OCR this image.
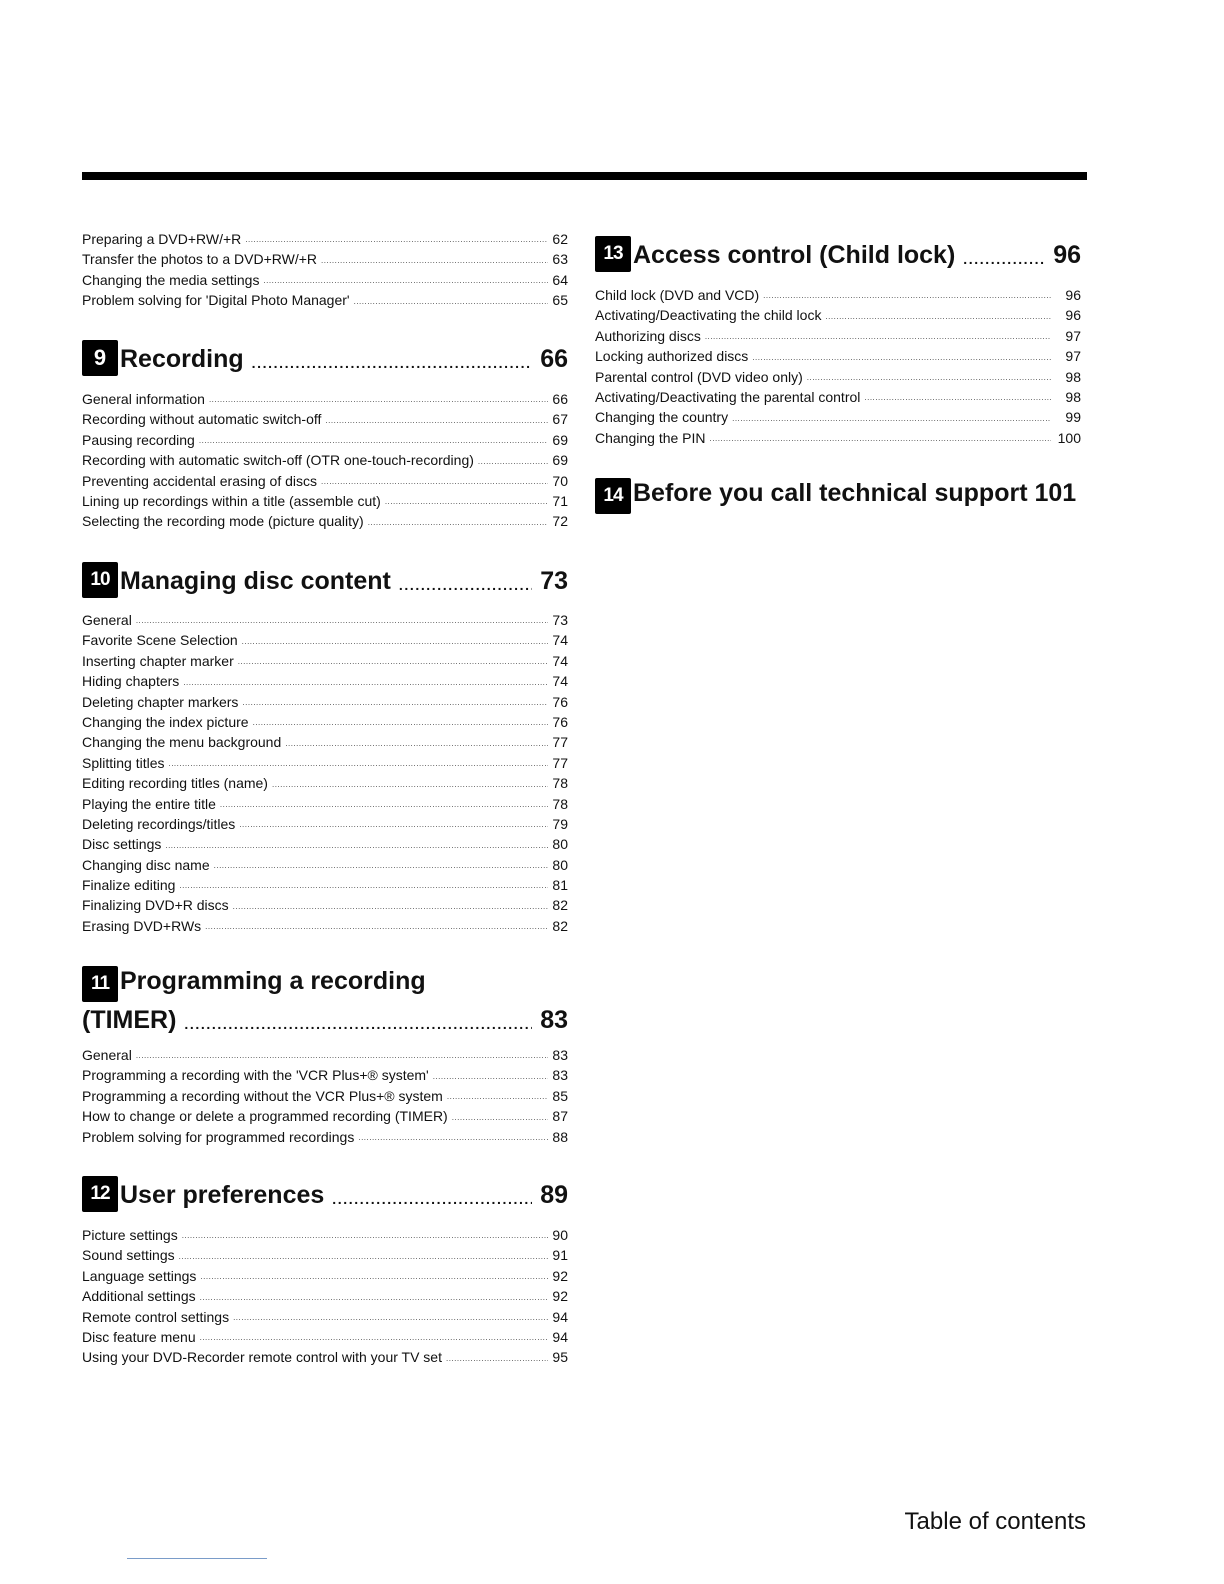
Preparing a DVD+RW/+R .....	62
Transfer the photos to a DVD+RW/+R .....	63
Changing the media settings .....	64
Problem solving for 'Digital Photo Manager' .....	65
9 Recording .....	66
General information .....	66
Recording without automatic switch-off .....	67
Pausing recording .....	69
Recording with automatic switch-off (OTR one-touch-recording) .....	69
Preventing accidental erasing of discs .....	70
Lining up recordings within a title (assemble cut) .....	71
Selecting the recording mode (picture quality) .....	72
10 Managing disc content .....	73
General .....	73
Favorite Scene Selection .....	74
Inserting chapter marker .....	74
Hiding chapters .....	74
Deleting chapter markers .....	76
Changing the index picture .....	76
Changing the menu background .....	77
Splitting titles .....	77
Editing recording titles (name) .....	78
Playing the entire title .....	78
Deleting recordings/titles .....	79
Disc settings .....	80
Changing disc name .....	80
Finalize editing .....	81
Finalizing DVD+R discs .....	82
Erasing DVD+RWs .....	82
11 Programming a recording
(TIMER) .....	83
General .....	83
Programming a recording with the 'VCR Plus+® system' .....	83
Programming a recording without the VCR Plus+® system .....	85
How to change or delete a programmed recording (TIMER) .....	87
Problem solving for programmed recordings .....	88
12 User preferences .....	89
Picture settings .....	90
Sound settings .....	91
Language settings .....	92
Additional settings .....	92
Remote control settings .....	94
Disc feature menu .....	94
Using your DVD-Recorder remote control with your TV set .....	95
13 Access control (Child lock) .....	96
Child lock (DVD and VCD) .....	96
Activating/Deactivating the child lock .....	96
Authorizing discs .....	97
Locking authorized discs .....	97
Parental control (DVD video only) .....	98
Activating/Deactivating the parental control .....	98
Changing the country .....	99
Changing the PIN .....	100
14 Before you call technical support 101
Table of contents
